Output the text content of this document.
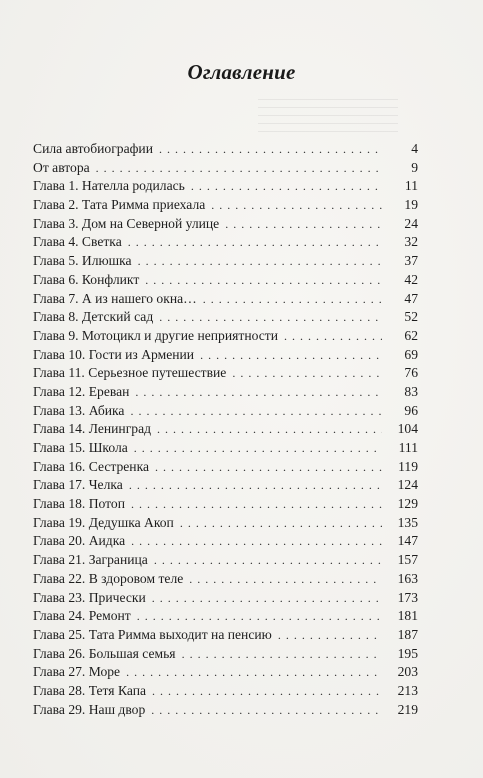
Оглавление
Сила автобиографии . . .	4
От автора . . .	9
Глава 1. Нателла родилась . . .	11
Глава 2. Тата Римма приехала . . .	19
Глава 3. Дом на Северной улице . . .	24
Глава 4. Светка . . .	32
Глава 5. Илюшка . . .	37
Глава 6. Конфликт . . .	42
Глава 7. А из нашего окна… . . .	47
Глава 8. Детский сад . . .	52
Глава 9. Мотоцикл и другие неприятности . . .	62
Глава 10. Гости из Армении . . .	69
Глава 11. Серьезное путешествие . . .	76
Глава 12. Ереван . . .	83
Глава 13. Абика . . .	96
Глава 14. Ленинград . . .	104
Глава 15. Школа . . .	111
Глава 16. Сестренка . . .	119
Глава 17. Челка . . .	124
Глава 18. Потоп . . .	129
Глава 19. Дедушка Акоп . . .	135
Глава 20. Аидка . . .	147
Глава 21. Заграница . . .	157
Глава 22. В здоровом теле . . .	163
Глава 23. Прически . . .	173
Глава 24. Ремонт . . .	181
Глава 25. Тата Римма выходит на пенсию . . .	187
Глава 26. Большая семья . . .	195
Глава 27. Море . . .	203
Глава 28. Тетя Капа . . .	213
Глава 29. Наш двор . . .	219
